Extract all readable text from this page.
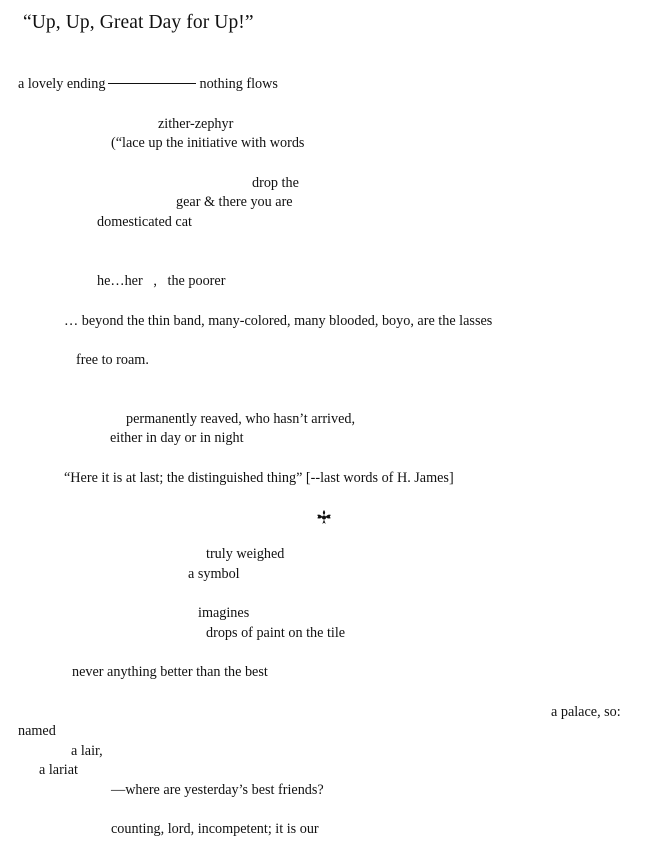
“Up, Up, Great Day for Up!”
a lovely ending	nothing flows
zither-zephyr
(“lace up the initiative with words
drop the
gear & there you are
domesticated cat
he…her   ,   the poorer
… beyond the thin band, many-colored, many blooded, boyo, are the lasses
free to roam.
permanently reaved, who hasn’t arrived,
either in day or in night
“Here it is at last; the distinguished thing” [--last words of H. James]
truly weighed
a symbol
imagines
drops of paint on the tile
never anything better than the best
a palace, so:
named
a lair,
a lariat
—where are yesterday’s best friends?
counting, lord, incompetent; it is our
